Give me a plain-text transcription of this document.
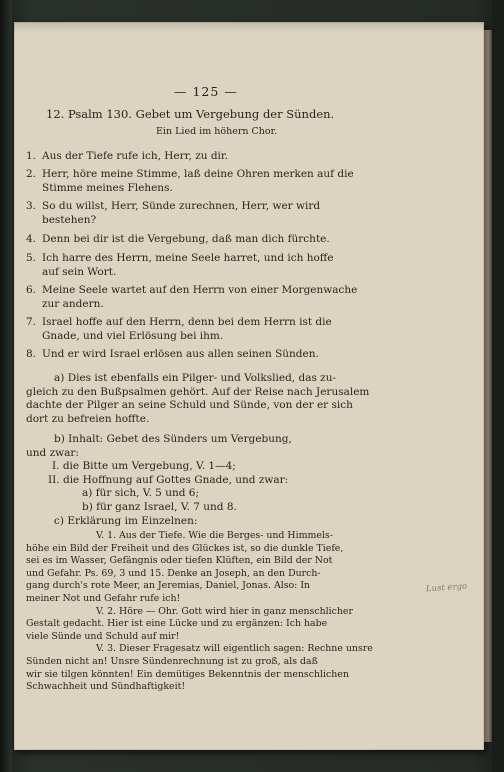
— 125 —
12. Psalm 130. Gebet um Vergebung der Sünden.
Ein Lied im höhern Chor.
1. Aus der Tiefe rufe ich, Herr, zu dir.
2. Herr, höre meine Stimme, laß deine Ohren merken auf die
Stimme meines Flehens.
3. So du willst, Herr, Sünde zurechnen, Herr, wer wird
bestehen?
4. Denn bei dir ist die Vergebung, daß man dich fürchte.
5. Ich harre des Herrn, meine Seele harret, und ich hoffe
auf sein Wort.
6. Meine Seele wartet auf den Herrn von einer Morgenwache
zur andern.
7. Israel hoffe auf den Herrn, denn bei dem Herrn ist die
Gnade, und viel Erlösung bei ihm.
8. Und er wird Israel erlösen aus allen seinen Sünden.
a) Dies ist ebenfalls ein Pilger- und Volkslied, das zu-
gleich zu den Bußpsalmen gehört. Auf der Reise nach Jerusalem
dachte der Pilger an seine Schuld und Sünde, von der er sich
dort zu befreien hoffte.
b) Inhalt: Gebet des Sünders um Vergebung,
und zwar:
I. die Bitte um Vergebung, V. 1—4;
II. die Hoffnung auf Gottes Gnade, und zwar:
a) für sich, V. 5 und 6;
b) für ganz Israel, V. 7 und 8.
c) Erklärung im Einzelnen:
V. 1. Aus der Tiefe. Wie die Berges- und Himmels-
höhe ein Bild der Freiheit und des Glückes ist, so die dunkle Tiefe,
sei es im Wasser, Gefängnis oder tiefen Klüften, ein Bild der Not
und Gefahr. Ps. 69, 3 und 15. Denke an Joseph, an den Durch-
gang durch's rote Meer, an Jeremias, Daniel, Jonas. Also: In
meiner Not und Gefahr rufe ich!
V. 2. Höre — Ohr. Gott wird hier in ganz menschlicher
Gestalt gedacht. Hier ist eine Lücke und zu ergänzen: Ich habe
viele Sünde und Schuld auf mir!
V. 3. Dieser Fragesatz will eigentlich sagen: Rechne unsre
Sünden nicht an! Unsre Sündenrechnung ist zu groß, als daß
wir sie tilgen könnten! Ein demütiges Bekenntnis der menschlichen
Schwachheit und Sündhaftigkeit!
Lust ergo
